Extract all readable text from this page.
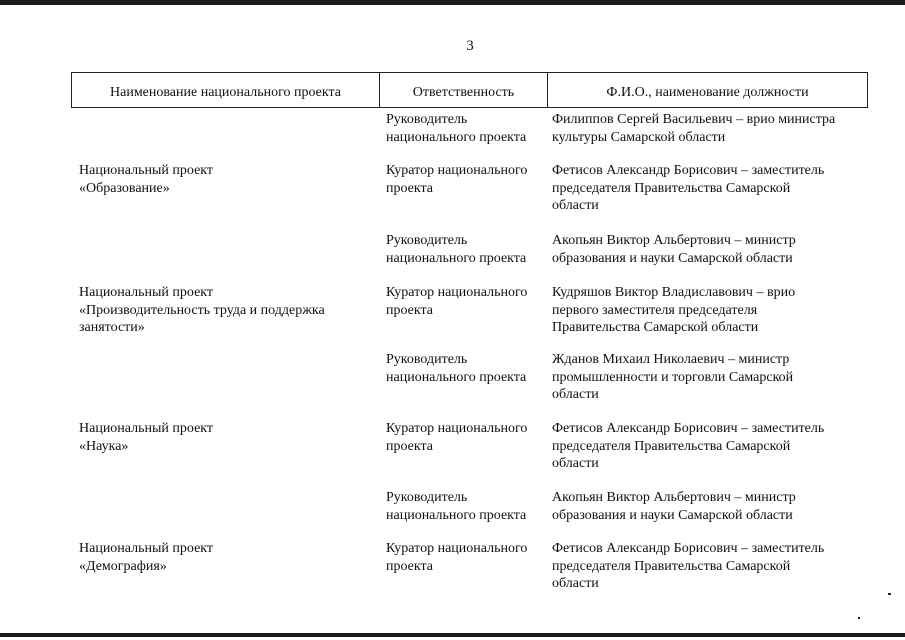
3
Наименование национального проекта	Ответственность	Ф.И.О., наименование должности
Руководитель
национального проекта
Филиппов Сергей Васильевич – врио министра
культуры Самарской области
Национальный проект
«Образование»
Куратор национального
проекта
Фетисов Александр Борисович – заместитель
председателя Правительства Самарской
области
Руководитель
национального проекта
Акопьян Виктор Альбертович – министр
образования и науки Самарской области
Национальный проект
«Производительность труда и поддержка
занятости»
Куратор национального
проекта
Кудряшов Виктор Владиславович – врио
первого заместителя председателя
Правительства Самарской области
Руководитель
национального проекта
Жданов Михаил Николаевич – министр
промышленности и торговли Самарской
области
Национальный проект
«Наука»
Куратор национального
проекта
Фетисов Александр Борисович – заместитель
председателя Правительства Самарской
области
Руководитель
национального проекта
Акопьян Виктор Альбертович – министр
образования и науки Самарской области
Национальный проект
«Демография»
Куратор национального
проекта
Фетисов Александр Борисович – заместитель
председателя Правительства Самарской
области
